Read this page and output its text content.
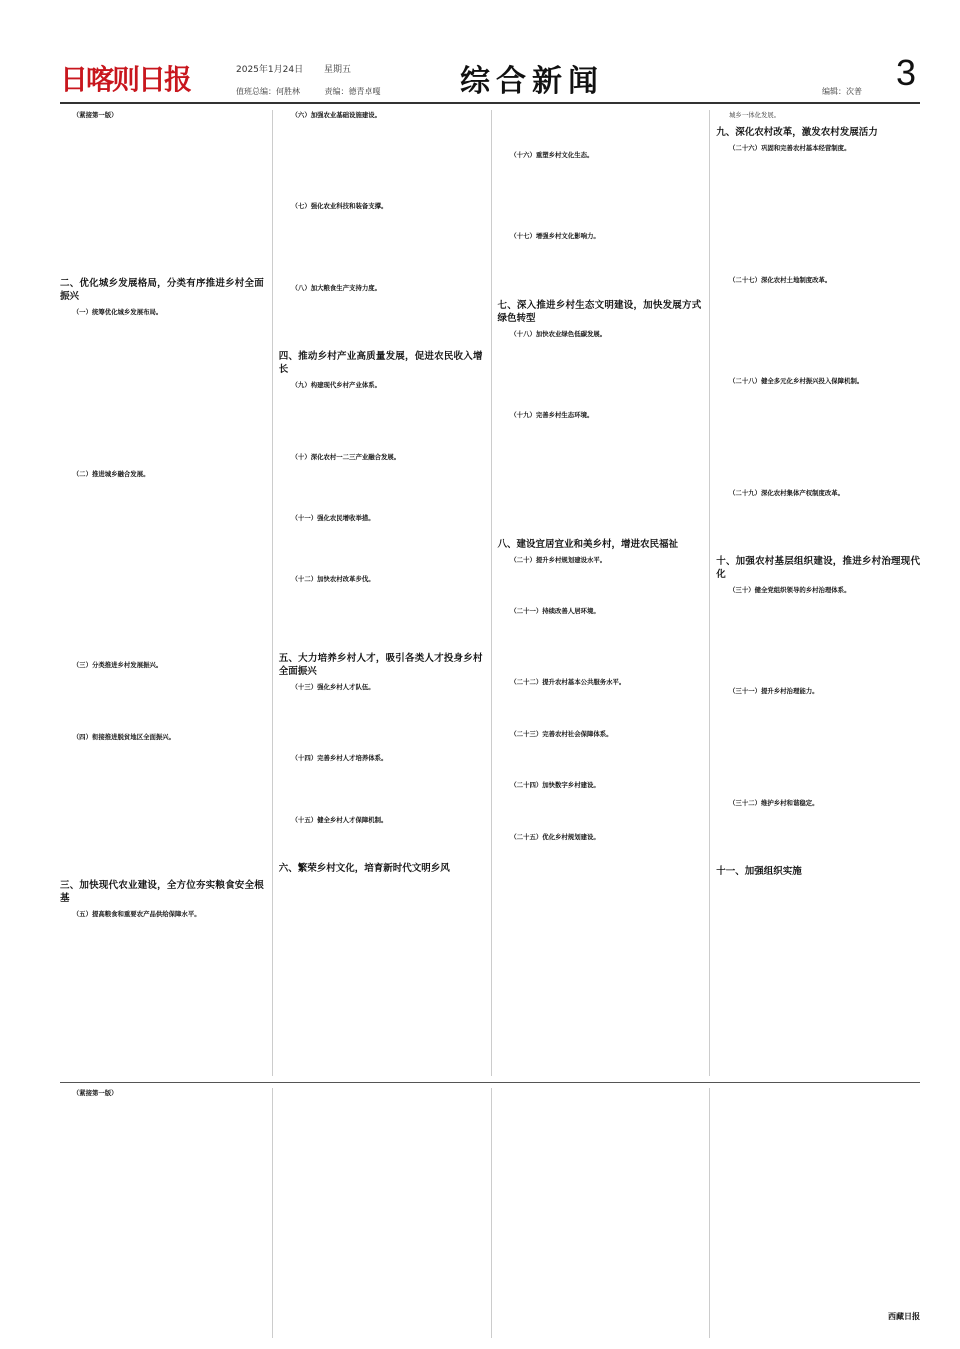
日喀则日报	2025年1月24日 星期五
值班总编：何胜林	责编：德青卓嘎	综合新闻	编辑：次普 3
（紧接第一版）
二、优化城乡发展格局，分类有序推进乡村全面振兴
（一）统筹优化城乡发展布局。
（二）推进城乡融合发展。
（三）分类推进乡村发展振兴。
（四）衔接推进脱贫地区全面振兴。
三、加快现代农业建设，全方位夯实粮食安全根基
（五）提高粮食和重要农产品供给保障水平。
（六）加强农业基础设施建设。
（七）强化农业科技和装备支撑。
（八）加大粮食生产支持力度。
四、推动乡村产业高质量发展，促进农民收入增长
（九）构建现代乡村产业体系。
（十）深化农村一二三产业融合发展。
（十一）强化农民增收举措。
（十二）加快农村改革步伐。
五、大力培养乡村人才，吸引各类人才投身乡村全面振兴
（十三）强化乡村人才队伍。
（十四）完善乡村人才培养体系。
（十五）健全乡村人才保障机制。
六、繁荣乡村文化，培育新时代文明乡风
（十六）重塑乡村文化生态。
（十七）增强乡村文化影响力。
七、深入推进乡村生态文明建设，加快发展方式绿色转型
（十八）加快农业绿色低碳发展。
（十九）完善乡村生态环境。
八、建设宜居宜业和美乡村，增进农民福祉
（二十）提升乡村规划建设水平。
（二十一）持续改善人居环境。
（二十二）提升农村基本公共服务水平。
（二十三）完善农村社会保障体系。
（二十四）加快数字乡村建设。
（二十五）优化乡村规划建设。
城乡一体化发展。
九、深化农村改革，激发农村发展活力
（二十六）巩固和完善农村基本经营制度。
（二十七）深化农村土地制度改革。
（二十八）健全多元化乡村振兴投入保障机制。
（二十九）深化农村集体产权制度改革。
十、加强农村基层组织建设，推进乡村治理现代化
（三十）健全党组织领导的乡村治理体系。
（三十一）提升乡村治理能力。
（三十二）维护乡村和谐稳定。
十一、加强组织实施
（紧接第一版）
西藏日报
